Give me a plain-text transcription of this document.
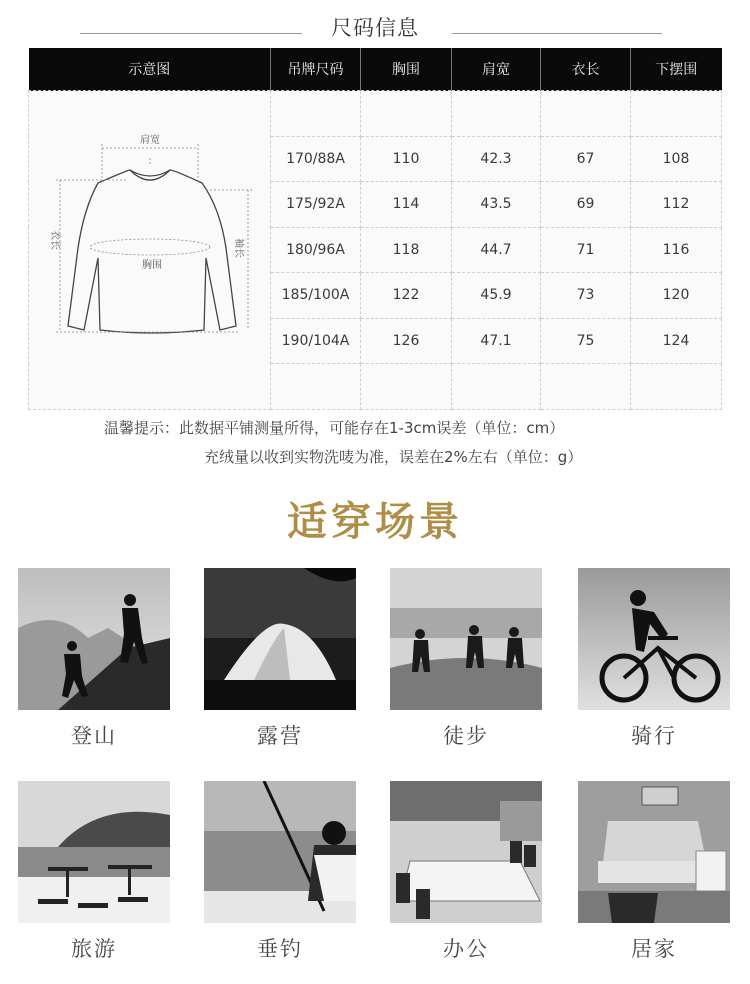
尺码信息
示意图	吊牌尺码	胸围	肩宽	衣长	下摆围

肩宽
胸围
衣长 袖长					

	170/88A	110	42.3	67	108
	175/92A	114	43.5	69	112
	180/96A	118	44.7	71	116
	185/100A	122	45.9	73	120
	190/104A	126	47.1	75	124

温馨提示：此数据平铺测量所得，可能存在1-3cm误差（单位：cm）
充绒量以收到实物洗唛为准，误差在2%左右（单位：g）
适穿场景
登山	露营	徒步	骑行
旅游	垂钓	办公	居家
